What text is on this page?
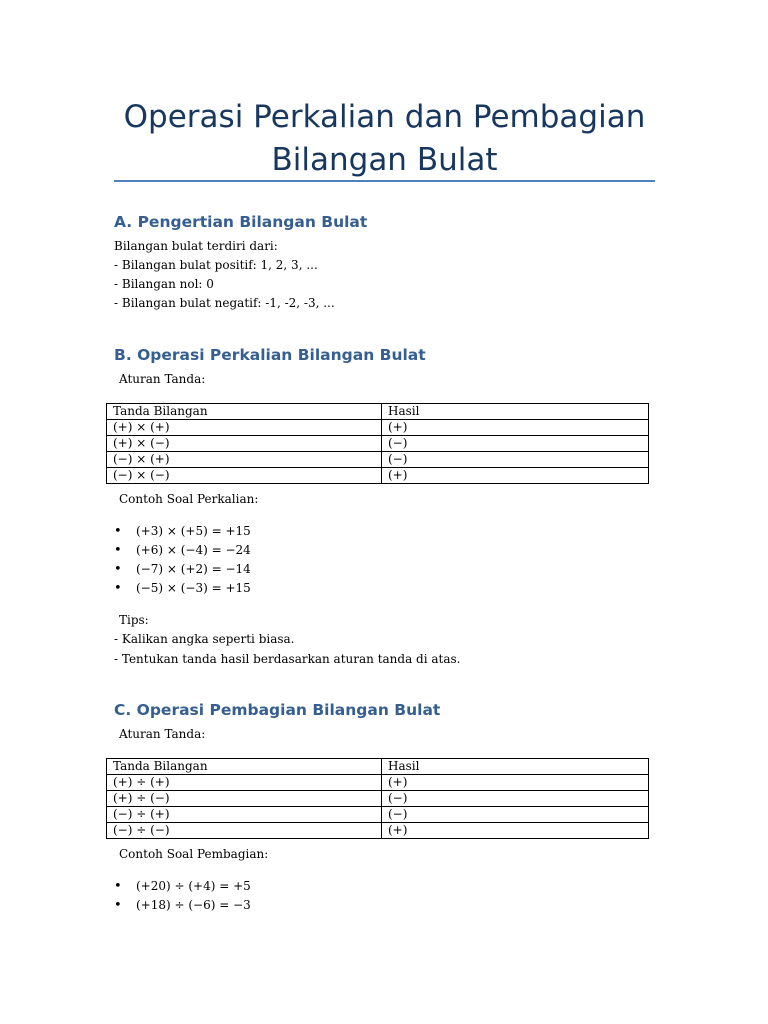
Operasi Perkalian dan Pembagian
Bilangan Bulat
A. Pengertian Bilangan Bulat
Bilangan bulat terdiri dari:
- Bilangan bulat positif: 1, 2, 3, ...
- Bilangan nol: 0
- Bilangan bulat negatif: -1, -2, -3, ...
B. Operasi Perkalian Bilangan Bulat
Aturan Tanda:
Tanda Bilangan	Hasil
(+) × (+)	(+)
(+) × (−)	(−)
(−) × (+)	(−)
(−) × (−)	(+)
Contoh Soal Perkalian:
• (+3) × (+5) = +15
• (+6) × (−4) = −24
• (−7) × (+2) = −14
• (−5) × (−3) = +15
Tips:
- Kalikan angka seperti biasa.
- Tentukan tanda hasil berdasarkan aturan tanda di atas.
C. Operasi Pembagian Bilangan Bulat
Aturan Tanda:
Tanda Bilangan	Hasil
(+) ÷ (+)	(+)
(+) ÷ (−)	(−)
(−) ÷ (+)	(−)
(−) ÷ (−)	(+)
Contoh Soal Pembagian:
• (+20) ÷ (+4) = +5
• (+18) ÷ (−6) = −3
